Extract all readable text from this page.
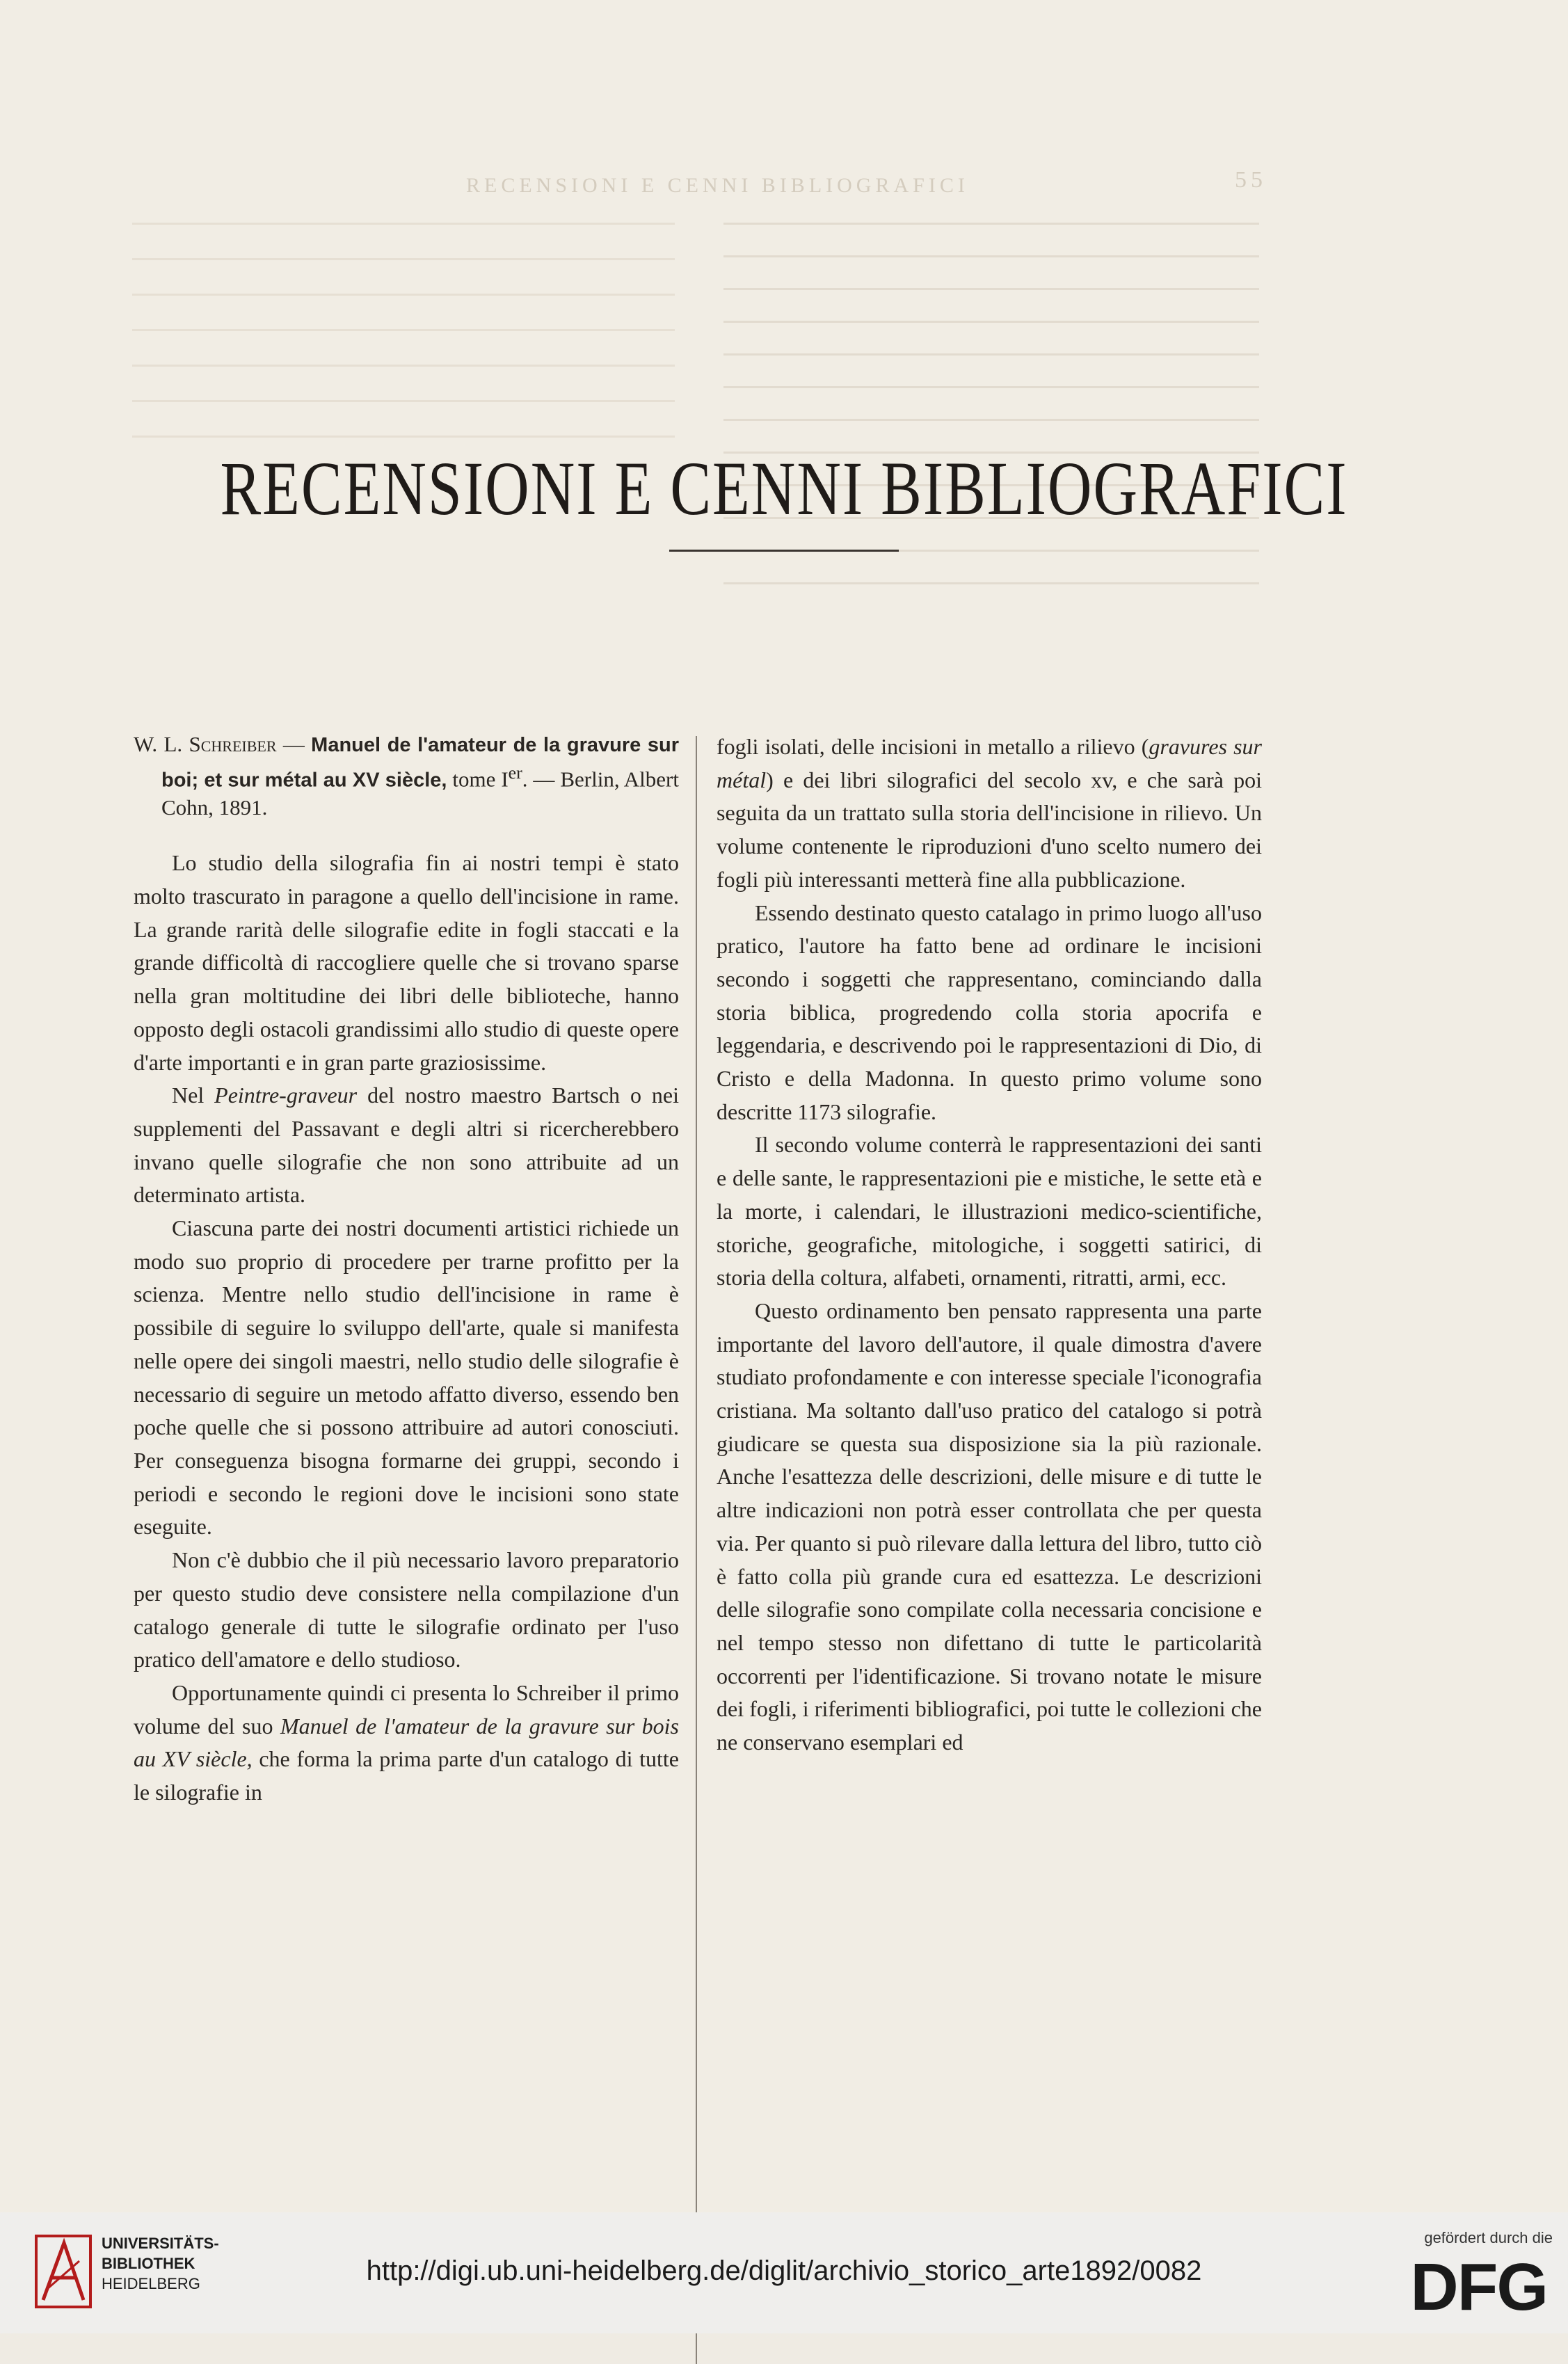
RECENSIONI E CENNI BIBLIOGRAFICI	55
RECENSIONI E CENNI BIBLIOGRAFICI

W. L. Schreiber — Manuel de l'amateur de la gravure sur boi; et sur métal au XV siècle, tome Ier. — Berlin, Albert Cohn, 1891.

Lo studio della silografia fin ai nostri tempi è stato molto trascurato in paragone a quello dell'incisione in rame. La grande rarità delle silografie edite in fogli staccati e la grande difficoltà di raccogliere quelle che si trovano sparse nella gran moltitudine dei libri delle biblioteche, hanno opposto degli ostacoli grandissimi allo studio di queste opere d'arte importanti e in gran parte graziosissime.

Nel Peintre-graveur del nostro maestro Bartsch o nei supplementi del Passavant e degli altri si ricercherebbero invano quelle silografie che non sono attribuite ad un determinato artista.

Ciascuna parte dei nostri documenti artistici richiede un modo suo proprio di procedere per trarne profitto per la scienza. Mentre nello studio dell'incisione in rame è possibile di seguire lo sviluppo dell'arte, quale si manifesta nelle opere dei singoli maestri, nello studio delle silografie è necessario di seguire un metodo affatto diverso, essendo ben poche quelle che si possono attribuire ad autori conosciuti. Per conseguenza bisogna formarne dei gruppi, secondo i periodi e secondo le regioni dove le incisioni sono state eseguite.

Non c'è dubbio che il più necessario lavoro preparatorio per questo studio deve consistere nella compilazione d'un catalogo generale di tutte le silografie ordinato per l'uso pratico dell'amatore e dello studioso.

Opportunamente quindi ci presenta lo Schreiber il primo volume del suo Manuel de l'amateur de la gravure sur bois au XV siècle, che forma la prima parte d'un catalogo di tutte le silografie in

fogli isolati, delle incisioni in metallo a rilievo (gravures sur métal) e dei libri silografici del secolo xv, e che sarà poi seguita da un trattato sulla storia dell'incisione in rilievo. Un volume contenente le riproduzioni d'uno scelto numero dei fogli più interessanti metterà fine alla pubblicazione.

Essendo destinato questo catalago in primo luogo all'uso pratico, l'autore ha fatto bene ad ordinare le incisioni secondo i soggetti che rappresentano, cominciando dalla storia biblica, progredendo colla storia apocrifa e leggendaria, e descrivendo poi le rappresentazioni di Dio, di Cristo e della Madonna. In questo primo volume sono descritte 1173 silografie.

Il secondo volume conterrà le rappresentazioni dei santi e delle sante, le rappresentazioni pie e mistiche, le sette età e la morte, i calendari, le illustrazioni medico-scientifiche, storiche, geografiche, mitologiche, i soggetti satirici, di storia della coltura, alfabeti, ornamenti, ritratti, armi, ecc.

Questo ordinamento ben pensato rappresenta una parte importante del lavoro dell'autore, il quale dimostra d'avere studiato profondamente e con interesse speciale l'iconografia cristiana. Ma soltanto dall'uso pratico del catalogo si potrà giudicare se questa sua disposizione sia la più razionale. Anche l'esattezza delle descrizioni, delle misure e di tutte le altre indicazioni non potrà esser controllata che per questa via. Per quanto si può rilevare dalla lettura del libro, tutto ciò è fatto colla più grande cura ed esattezza. Le descrizioni delle silografie sono compilate colla necessaria concisione e nel tempo stesso non difettano di tutte le particolarità occorrenti per l'identificazione. Si trovano notate le misure dei fogli, i riferimenti bibliografici, poi tutte le collezioni che ne conservano esemplari ed

UNIVERSITÄTS-
BIBLIOTHEK
HEIDELBERG	http://digi.ub.uni-heidelberg.de/diglit/archivio_storico_arte1892/0082
gefördert durch die
DFG
